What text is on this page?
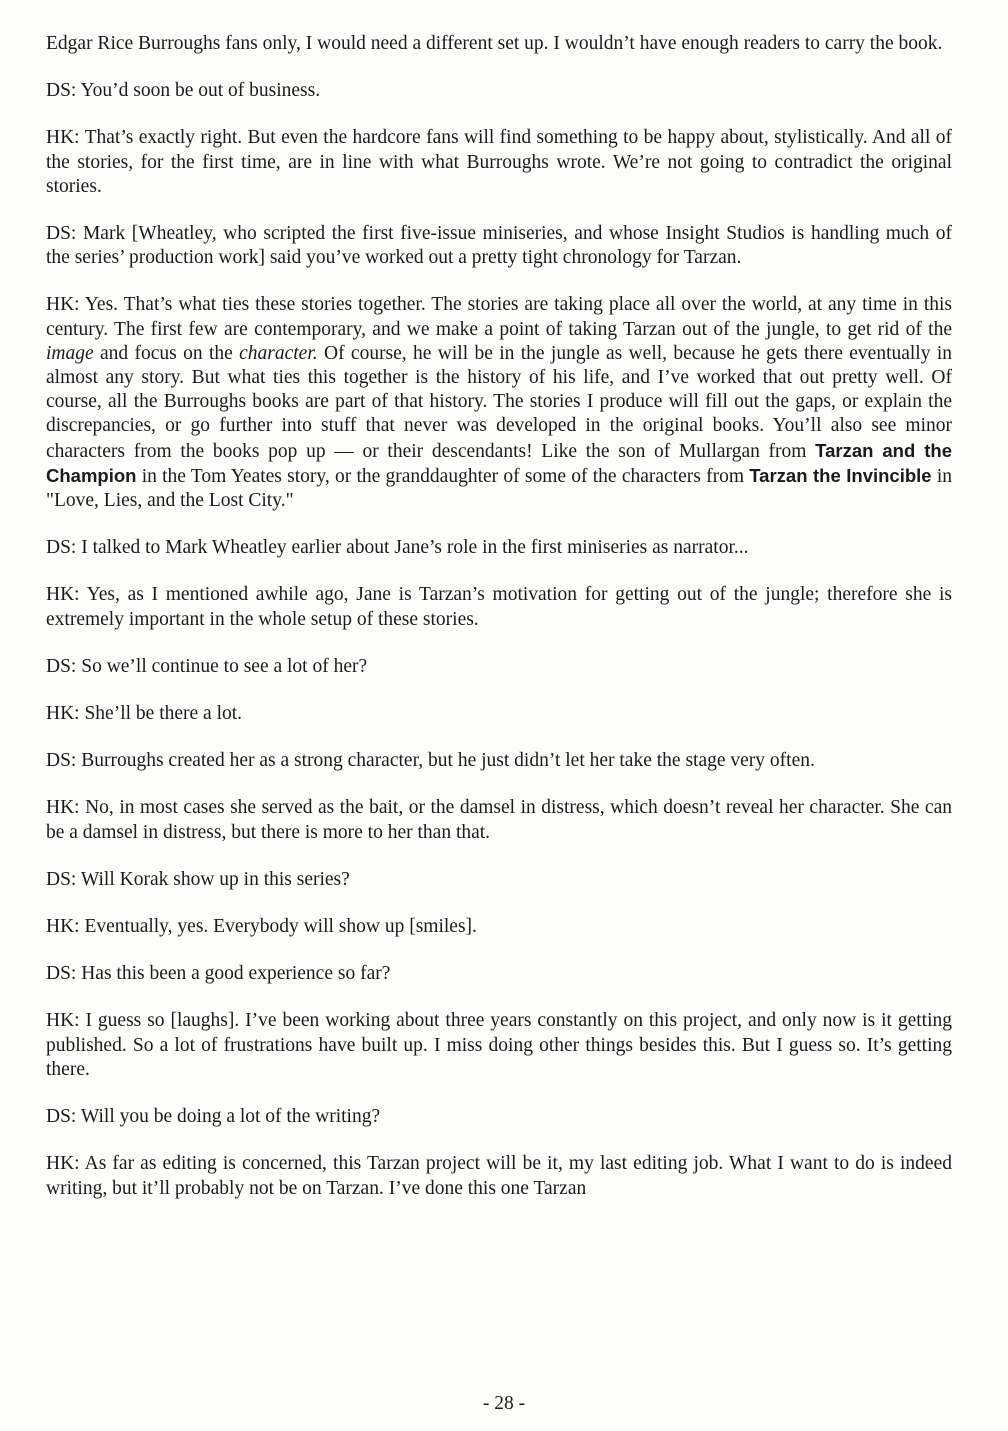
Edgar Rice Burroughs fans only, I would need a different set up. I wouldn’t have enough readers to carry the book.

DS: You’d soon be out of business.

HK: That’s exactly right. But even the hardcore fans will find something to be happy about, stylistically. And all of the stories, for the first time, are in line with what Burroughs wrote. We’re not going to contradict the original stories.

DS: Mark [Wheatley, who scripted the first five-issue miniseries, and whose Insight Studios is handling much of the series’ production work] said you’ve worked out a pretty tight chronology for Tarzan.

HK: Yes. That’s what ties these stories together. The stories are taking place all over the world, at any time in this century. The first few are contemporary, and we make a point of taking Tarzan out of the jungle, to get rid of the image and focus on the character. Of course, he will be in the jungle as well, because he gets there eventually in almost any story. But what ties this together is the history of his life, and I’ve worked that out pretty well. Of course, all the Burroughs books are part of that history. The stories I produce will fill out the gaps, or explain the discrepancies, or go further into stuff that never was developed in the original books. You’ll also see minor characters from the books pop up — or their descendants! Like the son of Mullargan from Tarzan and the Champion in the Tom Yeates story, or the granddaughter of some of the characters from Tarzan the Invincible in "Love, Lies, and the Lost City."

DS: I talked to Mark Wheatley earlier about Jane’s role in the first miniseries as narrator...

HK: Yes, as I mentioned awhile ago, Jane is Tarzan’s motivation for getting out of the jungle; therefore she is extremely important in the whole setup of these stories.

DS: So we’ll continue to see a lot of her?

HK: She’ll be there a lot.

DS: Burroughs created her as a strong character, but he just didn’t let her take the stage very often.

HK: No, in most cases she served as the bait, or the damsel in distress, which doesn’t reveal her character. She can be a damsel in distress, but there is more to her than that.

DS: Will Korak show up in this series?

HK: Eventually, yes. Everybody will show up [smiles].

DS: Has this been a good experience so far?

HK: I guess so [laughs]. I’ve been working about three years constantly on this project, and only now is it getting published. So a lot of frustrations have built up. I miss doing other things besides this. But I guess so. It’s getting there.

DS: Will you be doing a lot of the writing?

HK: As far as editing is concerned, this Tarzan project will be it, my last editing job. What I want to do is indeed writing, but it’ll probably not be on Tarzan. I’ve done this one Tarzan

- 28 -
